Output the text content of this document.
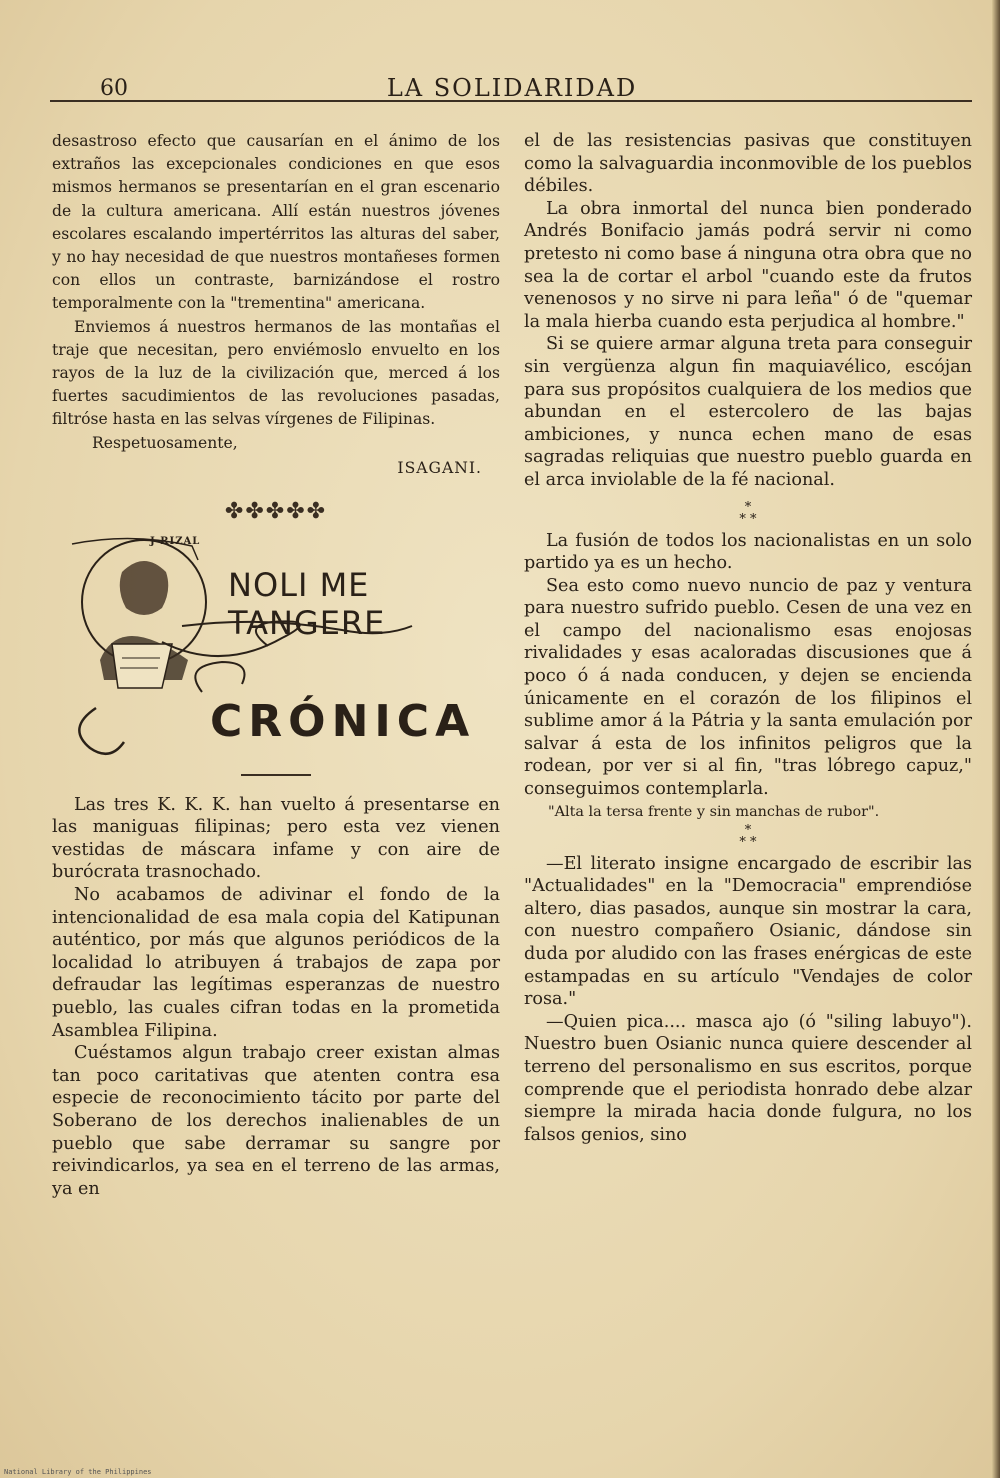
60	LA SOLIDARIDAD

desastroso efecto que causarían en el ánimo de los extraños las excepcionales condiciones en que esos mismos hermanos se presentarían en el gran escenario de la cultura americana. Allí están nuestros jóvenes escolares escalando impertérritos las alturas del saber, y no hay necesidad de que nuestros montañeses formen con ellos un contraste, barnizándose el rostro temporalmente con la "trementina" americana.

Enviemos á nuestros hermanos de las montañas el traje que necesitan, pero enviémoslo envuelto en los rayos de la luz de la civilización que, merced á los fuertes sacudimientos de las revoluciones pasadas, filtróse hasta en las selvas vírgenes de Filipinas.

Respetuosamente,

ISAGANI.

✤✤✤✤✤
J RIZAL
NOLI ME TANGERE
CRÓNICA

Las tres K. K. K. han vuelto á presentarse en las maniguas filipinas; pero esta vez vienen vestidas de máscara infame y con aire de burócrata trasnochado.

No acabamos de adivinar el fondo de la intencionalidad de esa mala copia del Katipunan auténtico, por más que algunos periódicos de la localidad lo atribuyen á trabajos de zapa por defraudar las legítimas esperanzas de nuestro pueblo, las cuales cifran todas en la prometida Asamblea Filipina.

Cuéstamos algun trabajo creer existan almas tan poco caritativas que atenten contra esa especie de reconocimiento tácito por parte del Soberano de los derechos inalienables de un pueblo que sabe derramar su sangre por reivindicarlos, ya sea en el terreno de las armas, ya en

el de las resistencias pasivas que constituyen como la salvaguardia inconmovible de los pueblos débiles.

La obra inmortal del nunca bien ponderado Andrés Bonifacio jamás podrá servir ni como pretesto ni como base á ninguna otra obra que no sea la de cortar el arbol "cuando este da frutos venenosos y no sirve ni para leña" ó de "quemar la mala hierba cuando esta perjudica al hombre."

Si se quiere armar alguna treta para conseguir sin vergüenza algun fin maquiavélico, escójan para sus propósitos cualquiera de los medios que abundan en el estercolero de las bajas ambiciones, y nunca echen mano de esas sagradas reliquias que nuestro pueblo guarda en el arca inviolable de la fé nacional.

*
* *

La fusión de todos los nacionalistas en un solo partido ya es un hecho.

Sea esto como nuevo nuncio de paz y ventura para nuestro sufrido pueblo. Cesen de una vez en el campo del nacionalismo esas enojosas rivalidades y esas acaloradas discusiones que á poco ó á nada conducen, y dejen se encienda únicamente en el corazón de los filipinos el sublime amor á la Pátria y la santa emulación por salvar á esta de los infinitos peligros que la rodean, por ver si al fin, "tras lóbrego capuz," conseguimos contemplarla.

"Alta la tersa frente y sin manchas de rubor".

*
* *

—El literato insigne encargado de escribir las "Actualidades" en la "Democracia" emprendióse altero, dias pasados, aunque sin mostrar la cara, con nuestro compañero Osianic, dándose sin duda por aludido con las frases enérgicas de este estampadas en su artículo "Vendajes de color rosa."

—Quien pica.... masca ajo (ó "siling labuyo"). Nuestro buen Osianic nunca quiere descender al terreno del personalismo en sus escritos, porque comprende que el periodista honrado debe alzar siempre la mirada hacia donde fulgura, no los falsos genios, sino

National Library of the Philippines
